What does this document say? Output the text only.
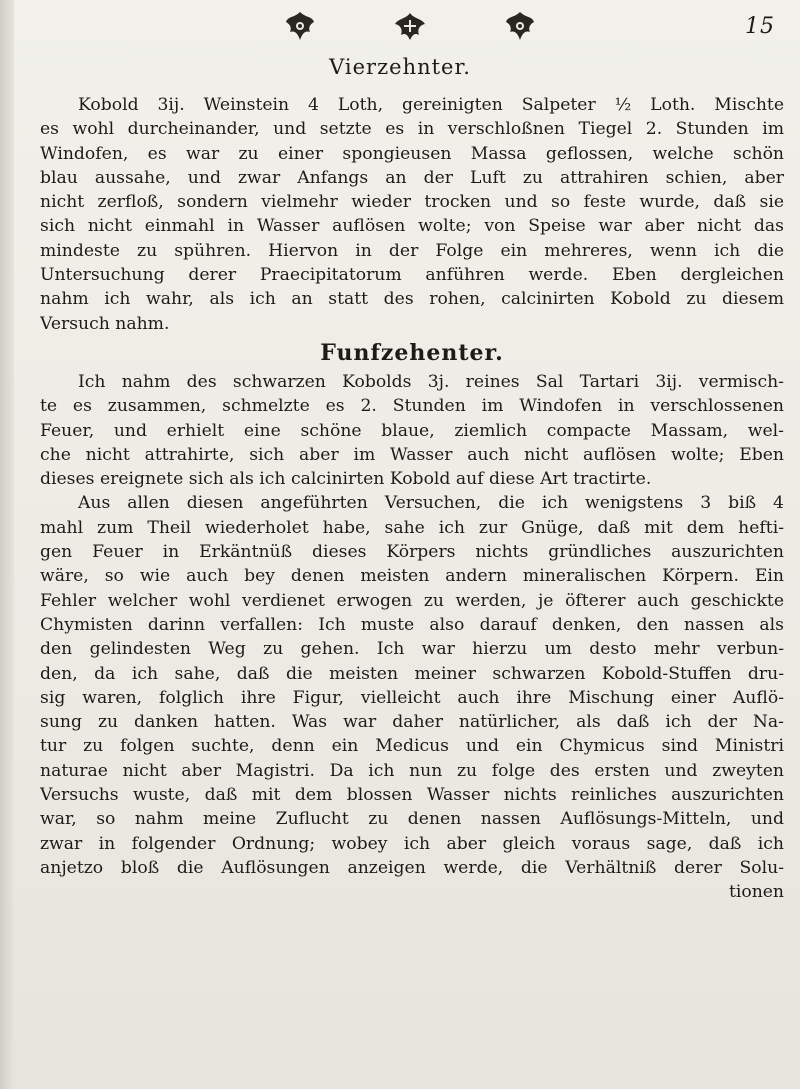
15
Vierzehnter.
Kobold 3ij. Weinstein 4 Loth, gereinigten Salpeter ½ Loth. Mischte
es wohl durcheinander, und setzte es in verschloßnen Tiegel 2. Stunden im
Windofen, es war zu einer spongieusen Massa geflossen, welche schön
blau aussahe, und zwar Anfangs an der Luft zu attrahiren schien, aber
nicht zerfloß, sondern vielmehr wieder trocken und so feste wurde, daß sie
sich nicht einmahl in Wasser auflösen wolte; von Speise war aber nicht das
mindeste zu spühren. Hiervon in der Folge ein mehreres, wenn ich die
Untersuchung derer Praecipitatorum anführen werde. Eben dergleichen
nahm ich wahr, als ich an statt des rohen, calcinirten Kobold zu diesem
Versuch nahm.
Funfzehenter.
Ich nahm des schwarzen Kobolds 3j. reines Sal Tartari 3ij. vermisch-
te es zusammen, schmelzte es 2. Stunden im Windofen in verschlossenen
Feuer, und erhielt eine schöne blaue, ziemlich compacte Massam, wel-
che nicht attrahirte, sich aber im Wasser auch nicht auflösen wolte; Eben
dieses ereignete sich als ich calcinirten Kobold auf diese Art tractirte.
Aus allen diesen angeführten Versuchen, die ich wenigstens 3 biß 4
mahl zum Theil wiederholet habe, sahe ich zur Gnüge, daß mit dem hefti-
gen Feuer in Erkäntnüß dieses Körpers nichts gründliches auszurichten
wäre, so wie auch bey denen meisten andern mineralischen Körpern. Ein
Fehler welcher wohl verdienet erwogen zu werden, je öfterer auch geschickte
Chymisten darinn verfallen: Ich muste also darauf denken, den nassen als
den gelindesten Weg zu gehen. Ich war hierzu um desto mehr verbun-
den, da ich sahe, daß die meisten meiner schwarzen Kobold-Stuffen dru-
sig waren, folglich ihre Figur, vielleicht auch ihre Mischung einer Auflö-
sung zu danken hatten. Was war daher natürlicher, als daß ich der Na-
tur zu folgen suchte, denn ein Medicus und ein Chymicus sind Ministri
naturae nicht aber Magistri. Da ich nun zu folge des ersten und zweyten
Versuchs wuste, daß mit dem blossen Wasser nichts reinliches auszurichten
war, so nahm meine Zuflucht zu denen nassen Auflösungs-Mitteln, und
zwar in folgender Ordnung; wobey ich aber gleich voraus sage, daß ich
anjetzo bloß die Auflösungen anzeigen werde, die Verhältniß derer Solu-
tionen
